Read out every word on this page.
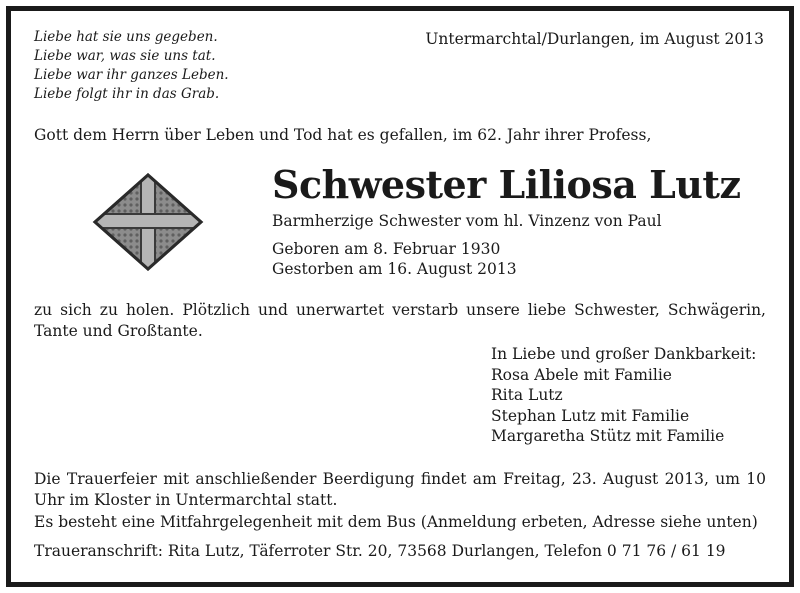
Liebe hat sie uns gegeben.
Liebe war, was sie uns tat.
Liebe war ihr ganzes Leben.
Liebe folgt ihr in das Grab.
Untermarchtal/Durlangen, im August 2013
Gott dem Herrn über Leben und Tod hat es gefallen, im 62. Jahr ihrer Profess,
Schwester Liliosa Lutz
Barmherzige Schwester vom hl. Vinzenz von Paul
Geboren am 8. Februar 1930
Gestorben am 16. August 2013
zu sich zu holen. Plötzlich und unerwartet verstarb unsere liebe Schwester, Schwägerin, Tante und Großtante.
In Liebe und großer Dankbarkeit:
Rosa Abele mit Familie
Rita Lutz
Stephan Lutz mit Familie
Margaretha Stütz mit Familie
Die Trauerfeier mit anschließender Beerdigung findet am Freitag, 23. August 2013, um 10 Uhr im Kloster in Untermarchtal statt.
Es besteht eine Mitfahrgelegenheit mit dem Bus (Anmeldung erbeten, Adresse siehe unten)
Traueranschrift: Rita Lutz, Täferroter Str. 20, 73568 Durlangen, Telefon 0 71 76 / 61 19
